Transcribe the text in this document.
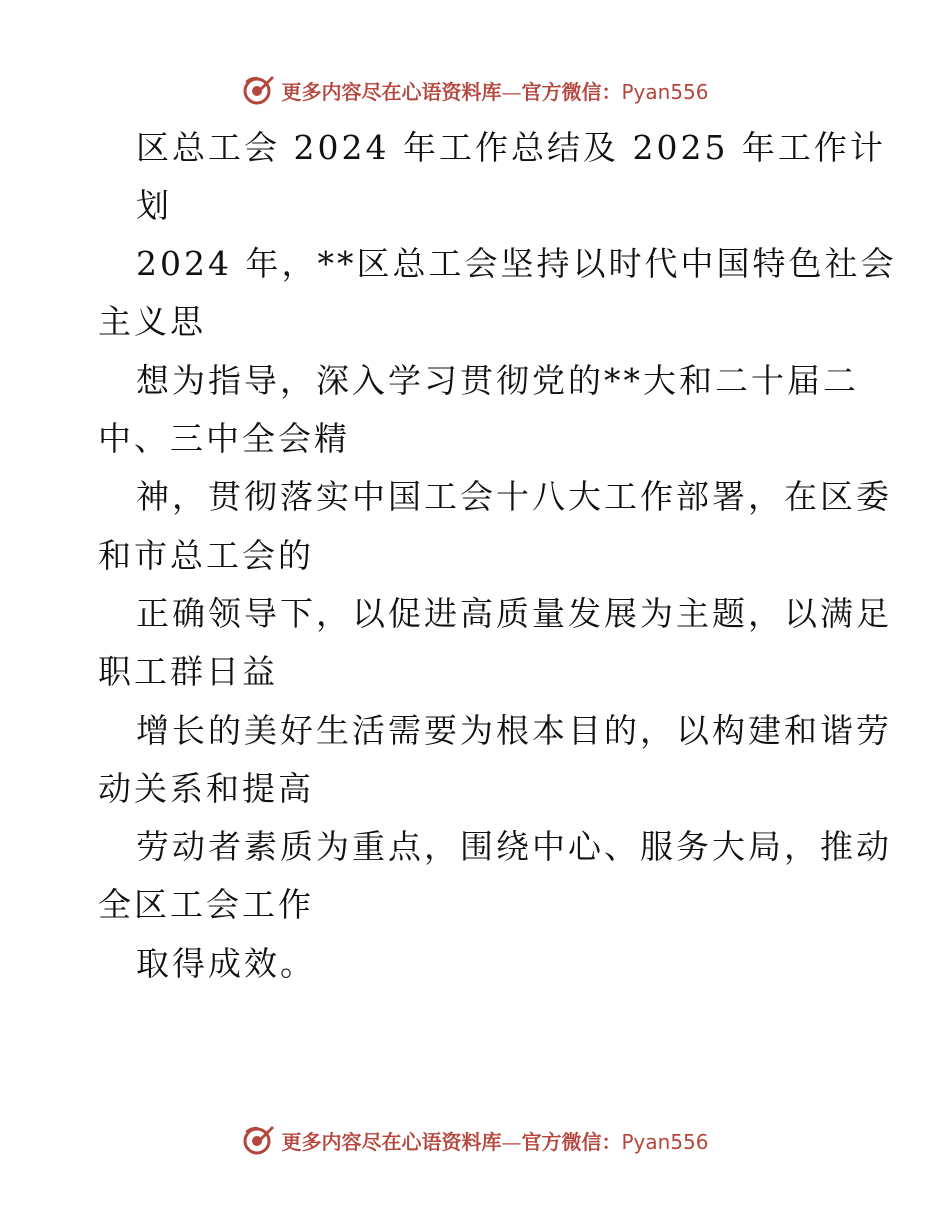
更多内容尽在心语资料库—官方微信：Pyan556
区总工会 2024 年工作总结及 2025 年工作计
划
2024 年，**区总工会坚持以时代中国特色社会
主义思
想为指导，深入学习贯彻党的**大和二十届二
中、三中全会精
神，贯彻落实中国工会十八大工作部署，在区委
和市总工会的
正确领导下，以促进高质量发展为主题，以满足
职工群日益
增长的美好生活需要为根本目的，以构建和谐劳
动关系和提高
劳动者素质为重点，围绕中心、服务大局，推动
全区工会工作
取得成效。
更多内容尽在心语资料库—官方微信：Pyan556
